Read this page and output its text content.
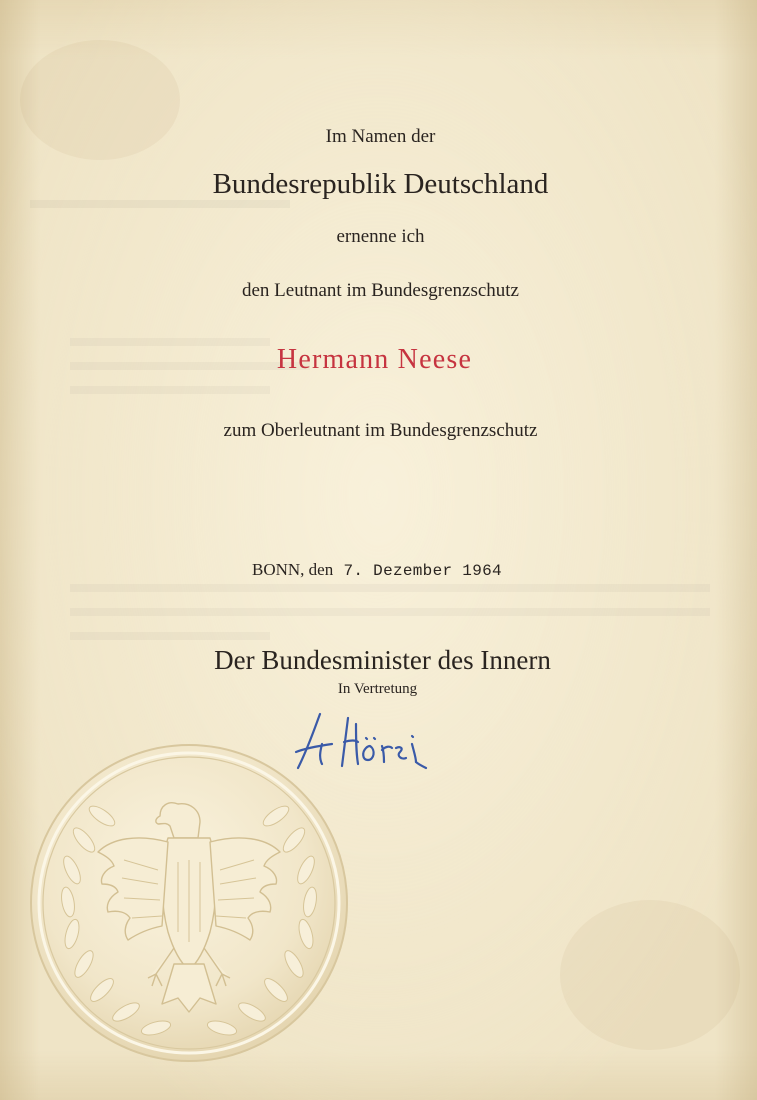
Im Namen der
Bundesrepublik Deutschland
ernenne ich
den Leutnant im Bundesgrenzschutz
Hermann Neese
zum Oberleutnant im Bundesgrenzschutz
BONN, den 7. Dezember 1964
Der Bundesminister des Innern
In Vertretung
